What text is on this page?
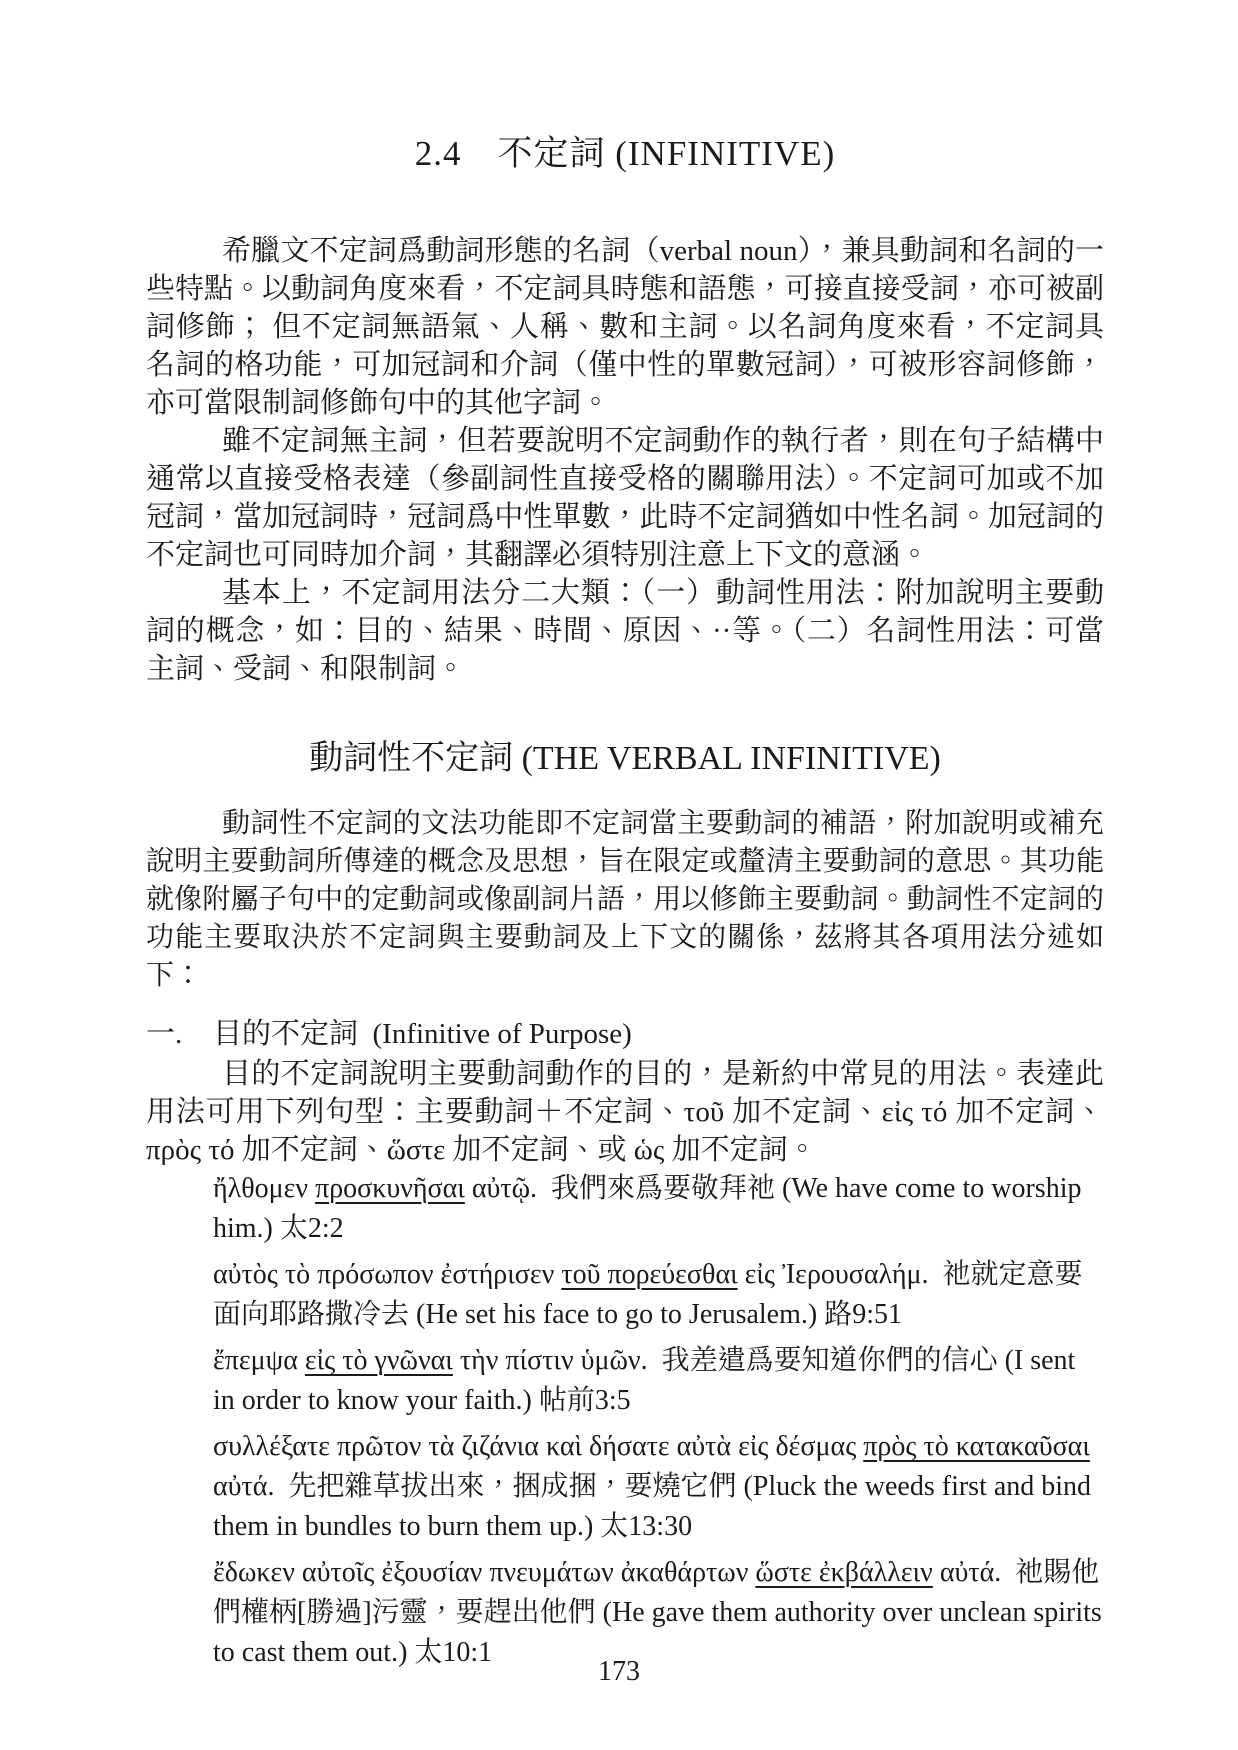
2.4　不定詞 (INFINITIVE)

希臘文不定詞爲動詞形態的名詞（verbal noun），兼具動詞和名詞的一些特點。以動詞角度來看，不定詞具時態和語態，可接直接受詞，亦可被副詞修飾； 但不定詞無語氣、人稱、數和主詞。以名詞角度來看，不定詞具名詞的格功能，可加冠詞和介詞（僅中性的單數冠詞），可被形容詞修飾，亦可當限制詞修飾句中的其他字詞。

雖不定詞無主詞，但若要說明不定詞動作的執行者，則在句子結構中通常以直接受格表達（參副詞性直接受格的關聯用法）。不定詞可加或不加冠詞，當加冠詞時，冠詞爲中性單數，此時不定詞猶如中性名詞。加冠詞的不定詞也可同時加介詞，其翻譯必須特別注意上下文的意涵。

基本上，不定詞用法分二大類：（一）動詞性用法：附加說明主要動詞的概念，如：目的、結果、時間、原因、··等。（二）名詞性用法：可當主詞、受詞、和限制詞。

動詞性不定詞 (THE VERBAL INFINITIVE)

動詞性不定詞的文法功能即不定詞當主要動詞的補語，附加說明或補充說明主要動詞所傳達的概念及思想，旨在限定或釐清主要動詞的意思。其功能就像附屬子句中的定動詞或像副詞片語，用以修飾主要動詞。動詞性不定詞的功能主要取決於不定詞與主要動詞及上下文的關係，茲將其各項用法分述如下：

一.	目的不定詞  (Infinitive of Purpose)

目的不定詞說明主要動詞動作的目的，是新約中常見的用法。表達此用法可用下列句型：主要動詞＋不定詞、τοῦ 加不定詞、εἰς τό 加不定詞、πρὸς τό 加不定詞、ὥστε 加不定詞、或 ὡς 加不定詞。

ἤλθομεν προσκυνῆσαι αὐτῷ.  我們來爲要敬拜祂 (We have come to worship him.) 太2:2

αὐτὸς τὸ πρόσωπον ἐστήρισεν τοῦ πορεύεσθαι εἰς Ἰερουσαλήμ.  祂就定意要面向耶路撒冷去 (He set his face to go to Jerusalem.) 路9:51

ἔπεμψα εἰς τὸ γνῶναι τὴν πίστιν ὑμῶν.  我差遣爲要知道你們的信心 (I sent in order to know your faith.) 帖前3:5

συλλέξατε πρῶτον τὰ ζιζάνια καὶ δήσατε αὐτὰ εἰς δέσμας πρὸς τὸ κατακαῦσαι αὐτά.  先把雜草拔出來，捆成捆，要燒它們 (Pluck the weeds first and bind them in bundles to burn them up.) 太13:30

ἔδωκεν αὐτοῖς ἐξουσίαν πνευμάτων ἀκαθάρτων ὥστε ἐκβάλλειν αὐτά.  祂賜他們權柄[勝過]污靈，要趕出他們 (He gave them authority over unclean spirits to cast them out.) 太10:1

173
